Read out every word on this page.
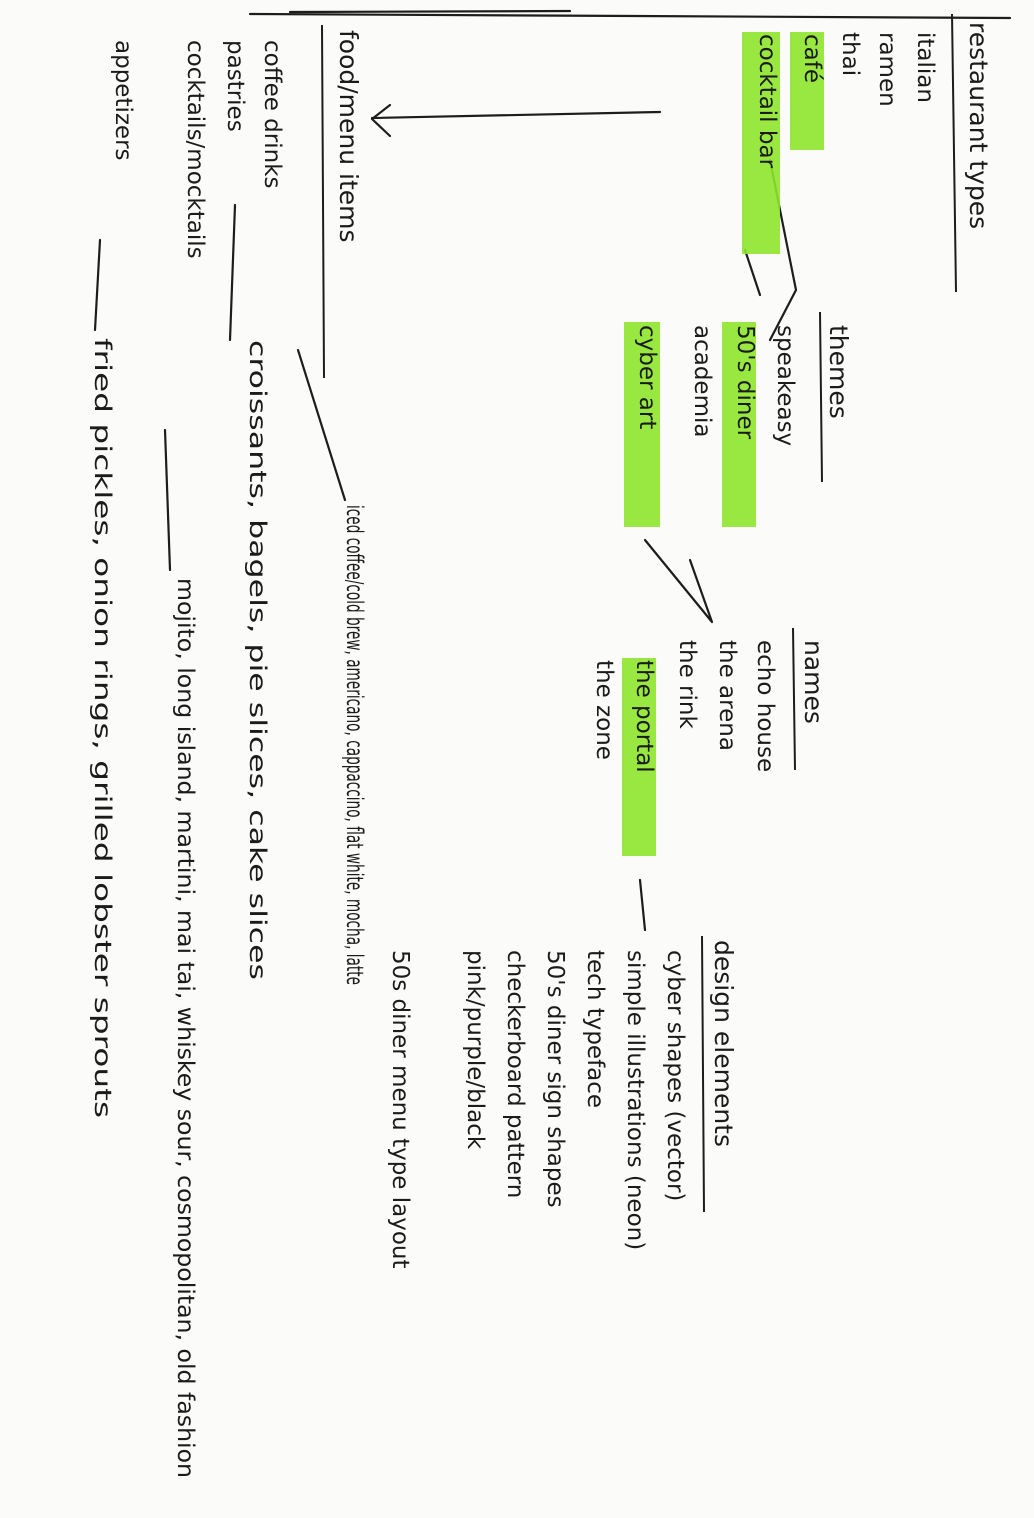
restaurant types
italian
ramen
thai
café
cocktail bar
themes
speakeasy
50's diner
academia
cyber art
names
echo house
the arena
the rink
the portal
the zone
design elements
cyber shapes (vector)
simple illustrations (neon)
tech typeface
50's diner sign shapes
checkerboard pattern
pink/purple/black
50s diner menu type layout
food/menu items
coffee drinks
pastries
cocktails/mocktails
appetizers
iced coffee/cold brew, americano, cappaccino, flat white, mocha, latte
croissants, bagels, pie slices, cake slices
mojito, long island, martini, mai tai, whiskey sour, cosmopolitan, old fashion
fried pickles, onion rings, grilled lobster sprouts
